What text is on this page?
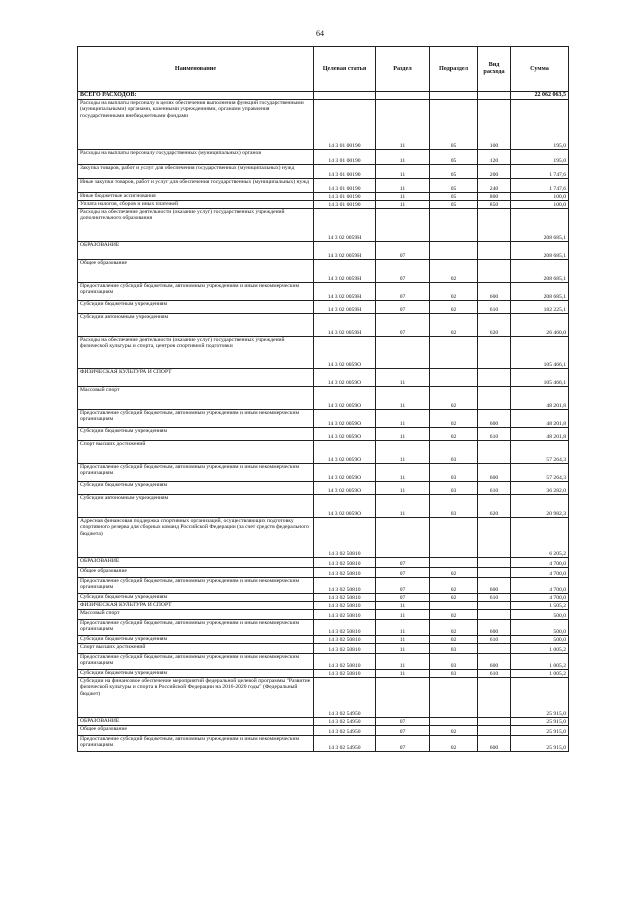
64
Наименование	Целевая статья	Раздел	Подраздел	Вид расхода	Сумма
ВСЕГО РАСХОДОВ:					22 062 063,5
Расходы на выплаты персоналу в целях обеспечения выполнения функций государственными (муниципальными) органами, казенными учреждениями, органами управления государственными внебюджетными фондами	14 3 01 00190	11	05	100	195,0
Расходы на выплаты персоналу государственных (муниципальных) органов	14 3 01 00190	11	05	120	195,0
Закупка товаров, работ и услуг для обеспечения государственных (муниципальных) нужд	14 3 01 00190	11	05	200	1 747,6
Иные закупки товаров, работ и услуг для обеспечения государственных (муниципальных) нужд	14 3 01 00190	11	05	240	1 747,6
Иные бюджетные ассигнования	14 3 01 00190	11	05	800	100,0
Уплата налогов, сборов и иных платежей	14 3 01 00190	11	05	850	100,0
Расходы на обеспечение деятельности (оказание услуг) государственных учреждений дополнительного образования	14 3 02 0059Н				208 685,1
ОБРАЗОВАНИЕ	14 3 02 0059Н	07			208 685,1
Общее образование	14 3 02 0059Н	07	02		208 685,1
Предоставление субсидий бюджетным, автономным учреждениям и иным некоммерческим организациям	14 3 02 0059Н	07	02	600	208 685,1
Субсидии бюджетным учреждениям	14 3 02 0059Н	07	02	610	182 225,1
Субсидии автономным учреждениям	14 3 02 0059Н	07	02	620	26 460,0
Расходы на обеспечение деятельности (оказание услуг) государственных учреждений физической культуры и спорта, центров спортивной подготовки	14 3 02 0059О				105 466,1
ФИЗИЧЕСКАЯ КУЛЬТУРА И СПОРТ	14 3 02 0059О	11			105 466,1
Массовый спорт	14 3 02 0059О	11	02		48 201,8
Предоставление субсидий бюджетным, автономным учреждениям и иным некоммерческим организациям	14 3 02 0059О	11	02	600	48 201,8
Субсидии бюджетным учреждениям	14 3 02 0059О	11	02	610	48 201,8
Спорт высших достижений	14 3 02 0059О	11	03		57 264,3
Предоставление субсидий бюджетным, автономным учреждениям и иным некоммерческим организациям	14 3 02 0059О	11	03	600	57 264,3
Субсидии бюджетным учреждениям	14 3 02 0059О	11	03	610	36 282,0
Субсидии автономным учреждениям	14 3 02 0059О	11	03	620	20 982,3
Адресная финансовая поддержка спортивных организаций, осуществляющих подготовку спортивного резерва для сборных команд Российской Федерации (за счет средств федерального бюджета)	14 3 02 50810				6 205,2
ОБРАЗОВАНИЕ	14 3 02 50810	07			4 700,0
Общее образование	14 3 02 50810	07	02		4 700,0
Предоставление субсидий бюджетным, автономным учреждениям и иным некоммерческим организациям	14 3 02 50810	07	02	600	4 700,0
Субсидии бюджетным учреждениям	14 3 02 50810	07	02	610	4 700,0
ФИЗИЧЕСКАЯ КУЛЬТУРА И СПОРТ	14 3 02 50810	11			1 505,2
Массовый спорт	14 3 02 50810	11	02		500,0
Предоставление субсидий бюджетным, автономным учреждениям и иным некоммерческим организациям	14 3 02 50810	11	02	600	500,0
Субсидии бюджетным учреждениям	14 3 02 50810	11	02	610	500,0
Спорт высших достижений	14 3 02 50810	11	03		1 005,2
Предоставление субсидий бюджетным, автономным учреждениям и иным некоммерческим организациям	14 3 02 50810	11	03	600	1 005,2
Субсидии бюджетным учреждениям	14 3 02 50810	11	03	610	1 005,2
Субсидии на финансовое обеспечение мероприятий федеральной целевой программы "Развитие физической культуры и спорта в Российской Федерации на 2016-2020 годы" (Федеральный бюджет)	14 3 02 54950				25 915,0
ОБРАЗОВАНИЕ	14 3 02 54950	07			25 915,0
Общее образование	14 3 02 54950	07	02		25 915,0
Предоставление субсидий бюджетным, автономным учреждениям и иным некоммерческим организациям	14 3 02 54950	07	02	600	25 915,0
